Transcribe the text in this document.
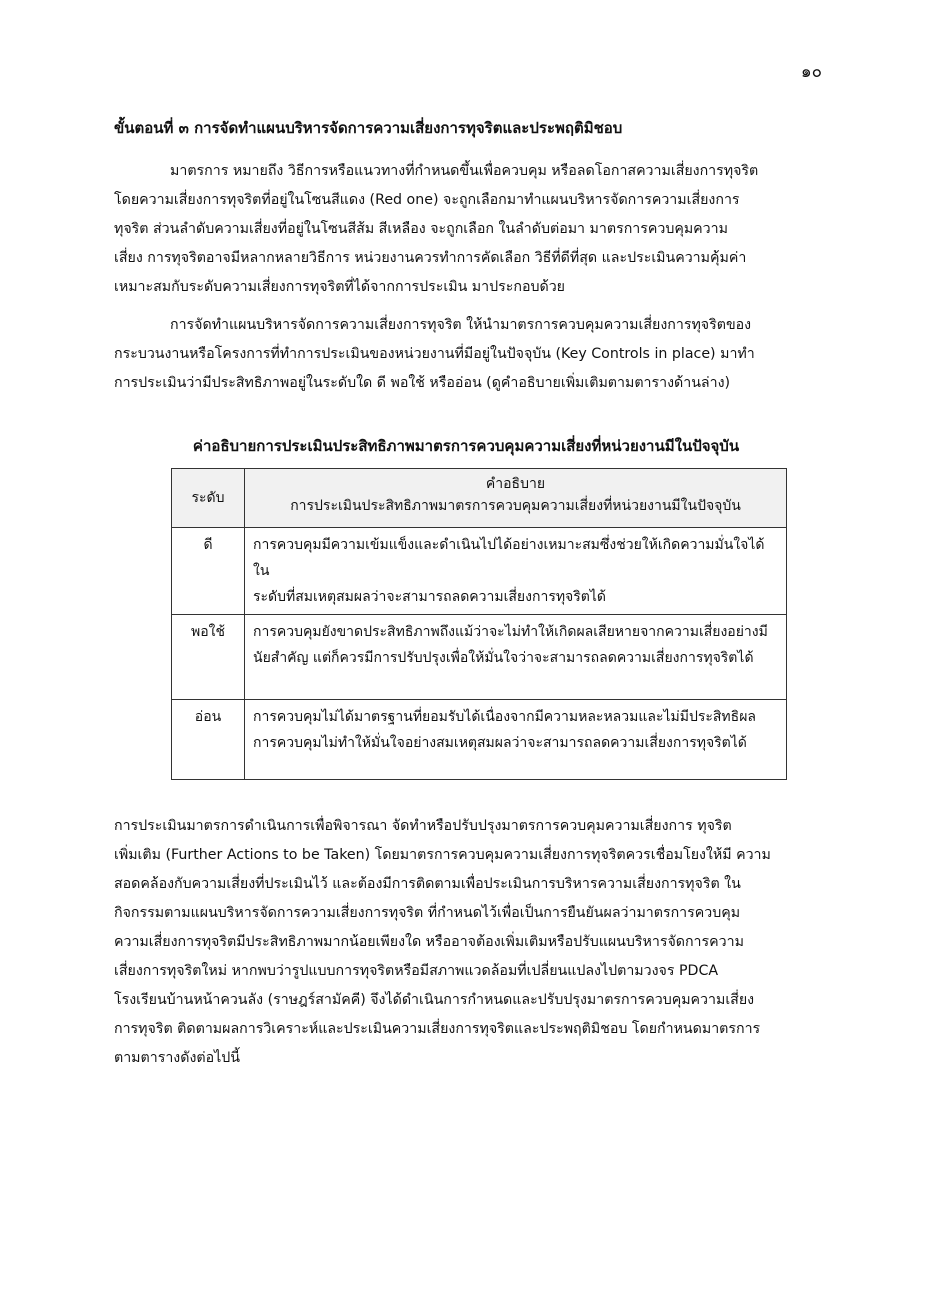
๑๐
ขั้นตอนที่ ๓ การจัดทำแผนบริหารจัดการความเสี่ยงการทุจริตและประพฤติมิชอบ
มาตรการ หมายถึง วิธีการหรือแนวทางที่กำหนดขึ้นเพื่อควบคุม หรือลดโอกาสความเสี่ยงการทุจริต
โดยความเสี่ยงการทุจริตที่อยู่ในโซนสีแดง (Red one) จะถูกเลือกมาทำแผนบริหารจัดการความเสี่ยงการ
ทุจริต ส่วนลำดับความเสี่ยงที่อยู่ในโซนสีส้ม สีเหลือง จะถูกเลือก ในลำดับต่อมา มาตรการควบคุมความ
เสี่ยง การทุจริตอาจมีหลากหลายวิธีการ หน่วยงานควรทำการคัดเลือก วิธีที่ดีที่สุด และประเมินความคุ้มค่า
เหมาะสมกับระดับความเสี่ยงการทุจริตที่ได้จากการประเมิน มาประกอบด้วย
การจัดทำแผนบริหารจัดการความเสี่ยงการทุจริต ให้นำมาตรการควบคุมความเสี่ยงการทุจริตของ
กระบวนงานหรือโครงการที่ทำการประเมินของหน่วยงานที่มีอยู่ในปัจจุบัน (Key Controls in place) มาทำ
การประเมินว่ามีประสิทธิภาพอยู่ในระดับใด ดี พอใช้ หรืออ่อน (ดูคำอธิบายเพิ่มเติมตามตารางด้านล่าง)
ค่าอธิบายการประเมินประสิทธิภาพมาตรการควบคุมความเสี่ยงที่หน่วยงานมีในปัจจุบัน
ระดับ	คำอธิบาย
การประเมินประสิทธิภาพมาตรการควบคุมความเสี่ยงที่หน่วยงานมีในปัจจุบัน

ดี	การควบคุมมีความเข้มแข็งและดำเนินไปได้อย่างเหมาะสมซึ่งช่วยให้เกิดความมั่นใจได้ใน
ระดับที่สมเหตุสมผลว่าจะสามารถลดความเสี่ยงการทุจริตได้

พอใช้	การควบคุมยังขาดประสิทธิภาพถึงแม้ว่าจะไม่ทำให้เกิดผลเสียหายจากความเสี่ยงอย่างมี
นัยสำคัญ แต่ก็ควรมีการปรับปรุงเพื่อให้มั่นใจว่าจะสามารถลดความเสี่ยงการทุจริตได้

อ่อน	การควบคุมไม่ได้มาตรฐานที่ยอมรับได้เนื่องจากมีความหละหลวมและไม่มีประสิทธิผล
การควบคุมไม่ทำให้มั่นใจอย่างสมเหตุสมผลว่าจะสามารถลดความเสี่ยงการทุจริตได้
การประเมินมาตรการดำเนินการเพื่อพิจารณา จัดทำหรือปรับปรุงมาตรการควบคุมความเสี่ยงการ ทุจริต
เพิ่มเติม (Further Actions to be Taken) โดยมาตรการควบคุมความเสี่ยงการทุจริตควรเชื่อมโยงให้มี ความ
สอดคล้องกับความเสี่ยงที่ประเมินไว้ และต้องมีการติดตามเพื่อประเมินการบริหารความเสี่ยงการทุจริต ใน
กิจกรรมตามแผนบริหารจัดการความเสี่ยงการทุจริต ที่กำหนดไว้เพื่อเป็นการยืนยันผลว่ามาตรการควบคุม
ความเสี่ยงการทุจริตมีประสิทธิภาพมากน้อยเพียงใด หรืออาจต้องเพิ่มเติมหรือปรับแผนบริหารจัดการความ
เสี่ยงการทุจริตใหม่ หากพบว่ารูปแบบการทุจริตหรือมีสภาพแวดล้อมที่เปลี่ยนแปลงไปตามวงจร PDCA
โรงเรียนบ้านหน้าควนลัง (ราษฎร์สามัคคี) จึงได้ดำเนินการกำหนดและปรับปรุงมาตรการควบคุมความเสี่ยง
การทุจริต ติดตามผลการวิเคราะห์และประเมินความเสี่ยงการทุจริตและประพฤติมิชอบ โดยกำหนดมาตรการ
ตามตารางดังต่อไปนี้
